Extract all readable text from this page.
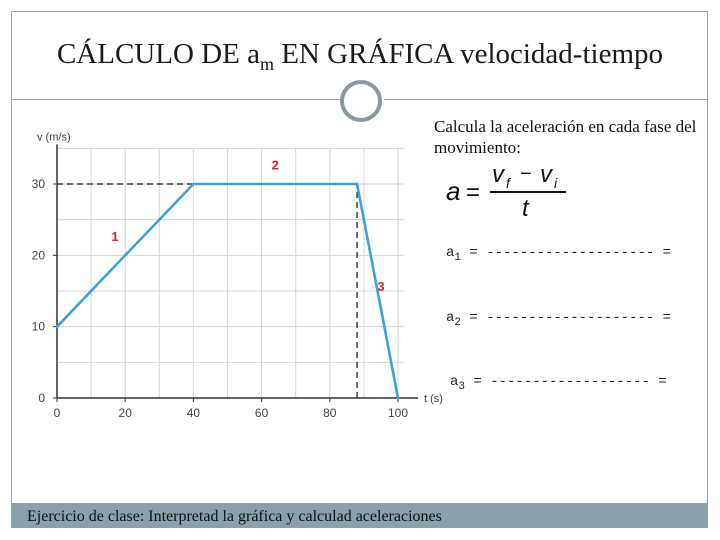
CÁLCULO DE $a_m$ EN GRÁFICA velocidad-tiempo
0	20	40	60	80	100
0
10
20
30
v (m/s)
t (s)
1
2
3
Calcula la aceleración en cada fase del movimiento:
a =
v f − v i
t
$a_1$ = -------------------- =
$a_2$ = -------------------- =
$a_3$ = ------------------- =
Ejercicio de clase: Interpretad la gráfica y calculad aceleraciones
